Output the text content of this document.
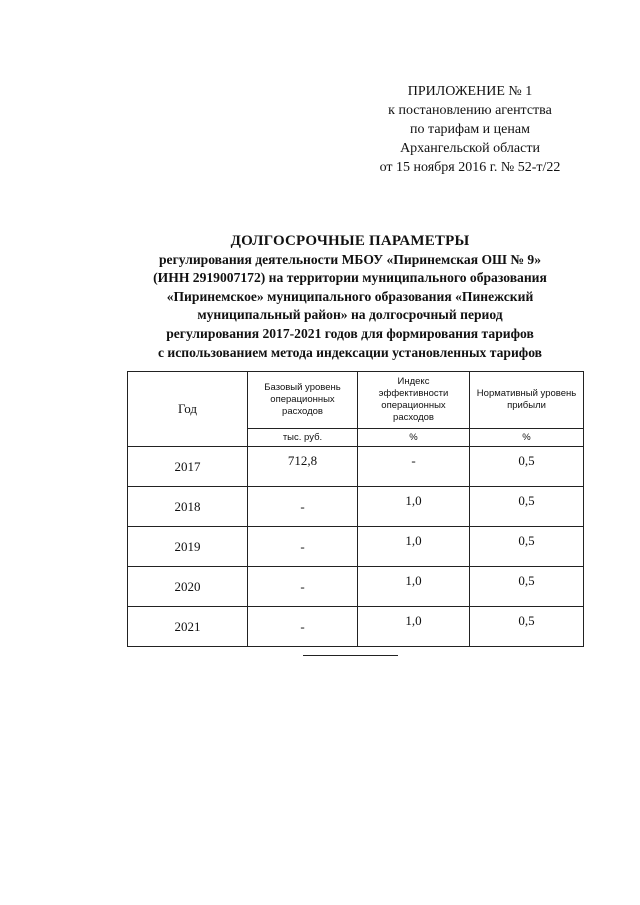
ПРИЛОЖЕНИЕ № 1
к постановлению агентства
по тарифам и ценам
Архангельской области
от 15 ноября 2016 г. № 52-т/22
ДОЛГОСРОЧНЫЕ ПАРАМЕТРЫ
регулирования деятельности МБОУ «Пиринемская ОШ № 9»
(ИНН 2919007172) на территории муниципального образования
«Пиринемское» муниципального образования «Пинежский
муниципальный район» на долгосрочный период
регулирования 2017-2021 годов для формирования тарифов
с использованием метода индексации установленных тарифов
Год	Базовый уровень операционных расходов	Индекс эффективности операционных расходов	Нормативный уровень прибыли
	тыс. руб.	%	%
2017	712,8	-	0,5
2018	-	1,0	0,5
2019	-	1,0	0,5
2020	-	1,0	0,5
2021	-	1,0	0,5
